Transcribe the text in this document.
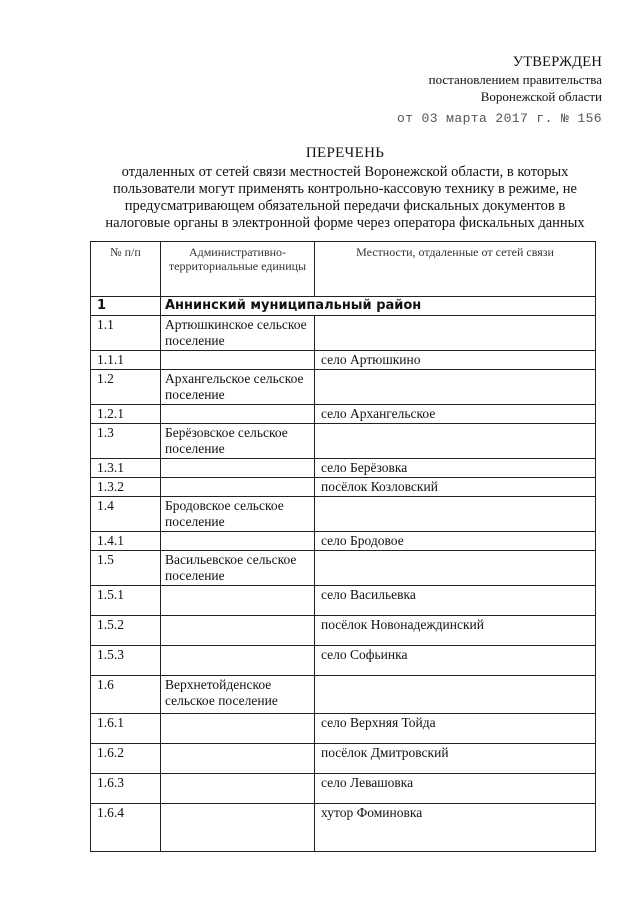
УТВЕРЖДЕН
постановлением правительства
Воронежской области
от 03 марта 2017 г. № 156
ПЕРЕЧЕНЬ
отдаленных от сетей связи местностей Воронежской области, в которых
пользователи могут применять контрольно-кассовую технику в режиме, не
предусматривающем обязательной передачи фискальных документов в
налоговые органы в электронной форме через оператора фискальных данных
№ п/п	Административно-территориальные единицы	Местности, отдаленные от сетей связи
1	Аннинский муниципальный район	
1.1	Артюшкинское сельское поселение	
1.1.1		село Артюшкино
1.2	Архангельское сельское поселение	
1.2.1		село Архангельское
1.3	Берёзовское сельское поселение	
1.3.1		село Берёзовка
1.3.2		посёлок Козловский
1.4	Бродовское сельское поселение	
1.4.1		село Бродовое
1.5	Васильевское сельское поселение	
1.5.1		село Васильевка
1.5.2		посёлок Новонадеждинский
1.5.3		село Софьинка
1.6	Верхнетойденское сельское поселение	
1.6.1		село Верхняя Тойда
1.6.2		посёлок Дмитровский
1.6.3		село Левашовка
1.6.4		хутор Фоминовка
